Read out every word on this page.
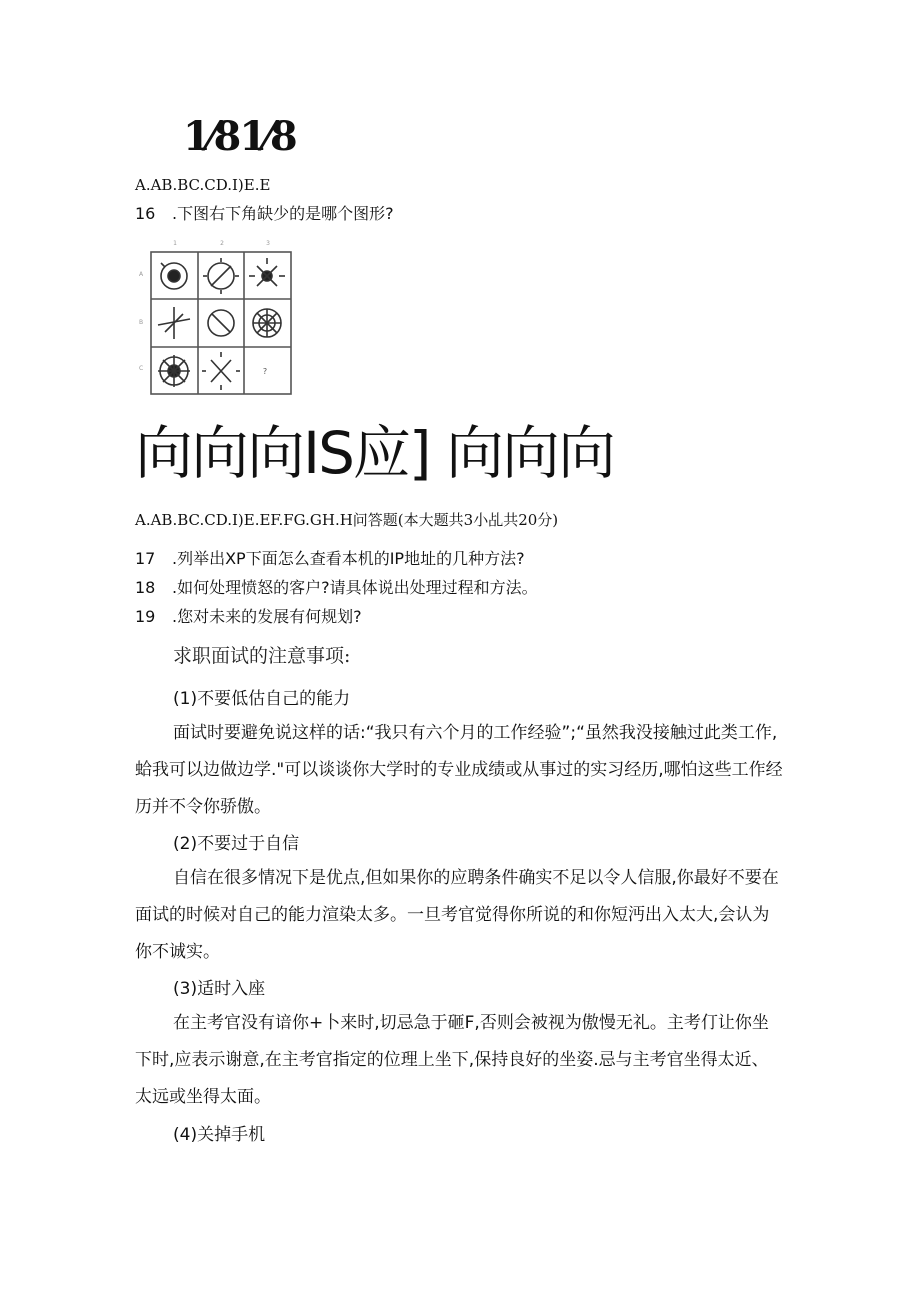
1⁄81⁄8
A.AB.BC.CD.I)E.E
16 .下图右下角缺少的是哪个图形?
1	2	3
A
B
C	?
向向向IS应] 向向向
A.AB.BC.CD.I)E.EF.FG.GH.H问答题(本大题共3小乩共20分)
17 .列举出XP下面怎么查看本机的IP地址的几种方法?
18 .如何处理愤怒的客户?请具体说出处理过程和方法。
19 .您对未来的发展有何规划?
求职面试的注意事项:
(1)不要低估自己的能力
面试时要避免说这样的话:“我只有六个月的工作经验”;“虽然我没接触过此类工作,蛤我可以边做边学."可以谈谈你大学时的专业成绩或从事过的实习经历,哪怕这些工作经历并不令你骄傲。
(2)不要过于自信
自信在很多情况下是优点,但如果你的应聘条件确实不足以令人信服,你最好不要在面试的时候对自己的能力渲染太多。一旦考官觉得你所说的和你短沔出入太大,会认为你不诚实。
(3)适时入座
在主考官没有谙你+卜来时,切忌急于砸F,否则会被视为傲慢无礼。主考仃让你坐下时,应表示谢意,在主考官指定的位理上坐下,保持良好的坐姿.忌与主考官坐得太近、太远或坐得太面。
(4)关掉手机
